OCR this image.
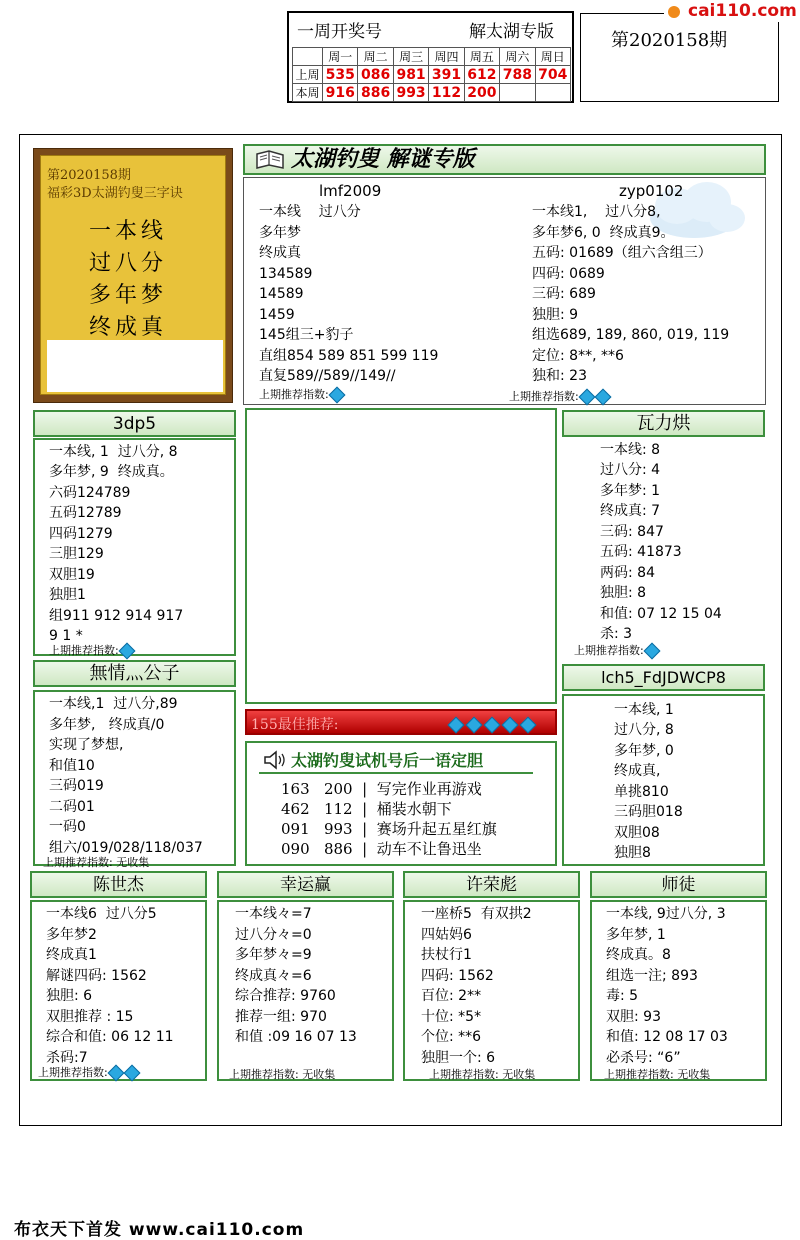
一周开奖号	解太湖专版
	周一	周二	周三	周四	周五	周六	周日
上周	535	086	981	391	612	788	704
本周	916	886	993	112	200		
第2020158期
cai110.com
第2020158期
福彩3D太湖钓叟三字诀
一本线
过八分
多年梦
终成真
太湖钓叟 解谜专版
lmf2009
一本线    过八分
多年梦
终成真
134589
14589
1459
145组三+豹子
直组854 589 851 599 119
直复589//589//149//
上期推荐指数:
zyp0102
一本线1,    过八分8,
多年梦6, 0  终成真9。
五码: 01689（组六含组三）
四码: 0689
三码: 689
独胆: 9
组选689, 189, 860, 019, 119
定位: 8**, **6
独和: 23
上期推荐指数:
3dp5
一本线, 1  过八分, 8
多年梦, 9  终成真。
六码124789
五码12789
四码1279
三胆129
双胆19
独胆1
组911 912 914 917
9 1 *
上期推荐指数:
瓦力烘
一本线: 8
过八分: 4
多年梦: 1
终成真: 7
三码: 847
五码: 41873
两码: 84
独胆: 8
和值: 07 12 15 04
杀: 3
上期推荐指数:
無情灬公子
一本线,1  过八分,89
多年梦,   终成真/0
实现了梦想,
和值10
三码019
二码01
一码0
组六/019/028/118/037
上期推荐指数: 无收集
155最佳推荐:
太湖钓叟试机号后一语定胆
163 200  |  写完作业再游戏
462 112  |  桶装水朝下
091 993  |  赛场升起五星红旗
090 886  |  动车不让鲁迅坐
lch5_FdJDWCP8
一本线, 1
过八分, 8
多年梦, 0
终成真,
单挑810
三码胆018
双胆08
独胆8
陈世杰
一本线6  过八分5
多年梦2
终成真1
解谜四码: 1562
独胆: 6
双胆推荐 : 15
综合和值: 06 12 11
杀码:7
上期推荐指数:
幸运赢
一本线々=7
过八分々=0
多年梦々=9
终成真々=6
综合推荐: 9760
推荐一组: 970
和值 :09 16 07 13
上期推荐指数: 无收集
许荣彪
一座桥5  有双拱2
四姑妈6
扶杖行1
四码: 1562
百位: 2**
十位: *5*
个位: **6
独胆一个: 6
上期推荐指数: 无收集
师徒
一本线, 9过八分, 3
多年梦, 1
终成真。8
组选一注; 893
毒: 5
双胆: 93
和值: 12 08 17 03
必杀号: “6”
上期推荐指数: 无收集
布衣天下首发 www.cai110.com
